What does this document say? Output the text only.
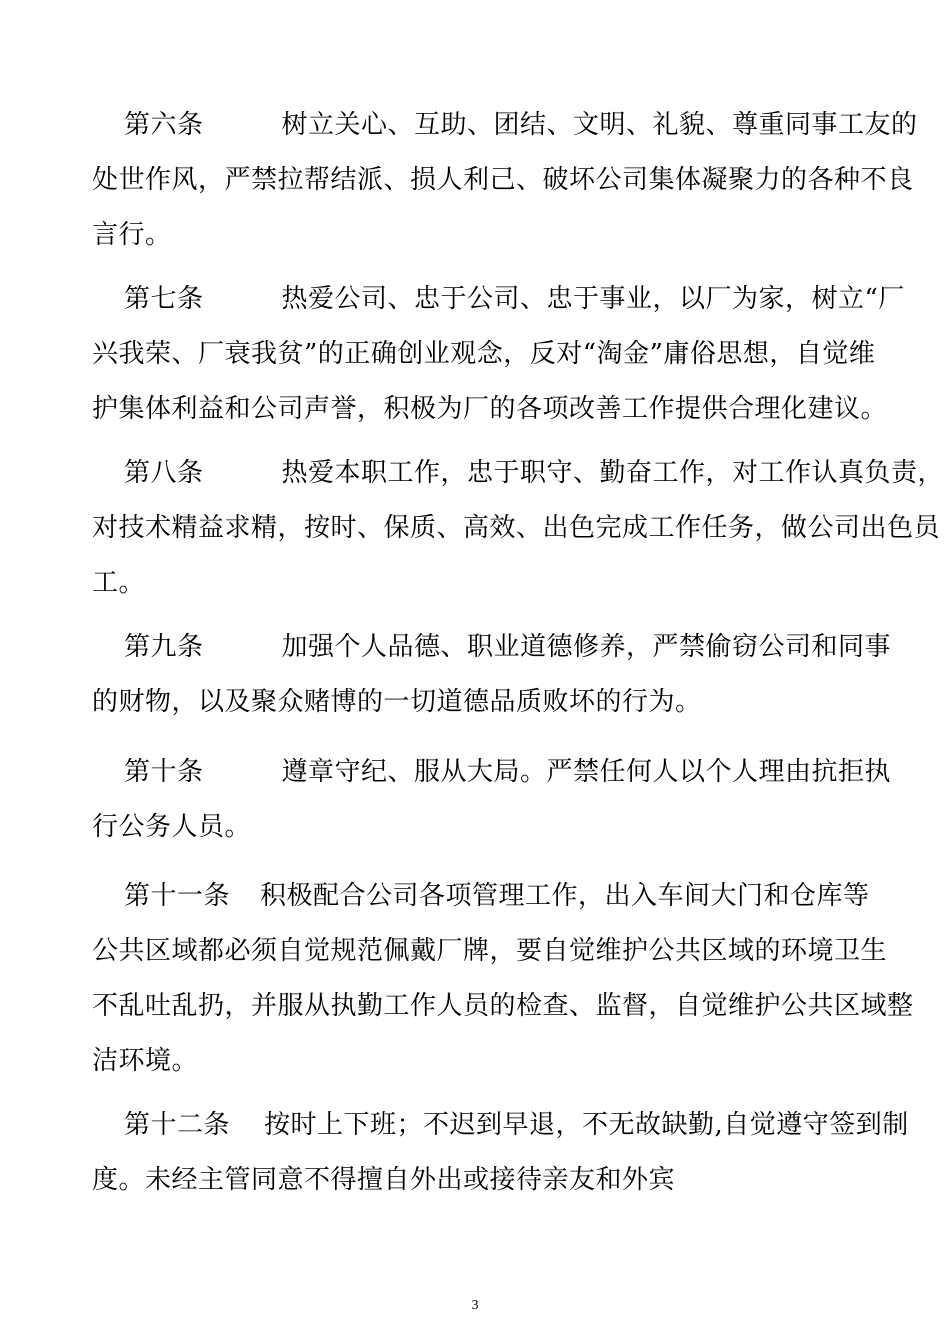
第六条	树立关心、互助、团结、文明、礼貌、尊重同事工友的
处世作风，严禁拉帮结派、损人利己、破坏公司集体凝聚力的各种不良
言行。
第七条	热爱公司、忠于公司、忠于事业，以厂为家，树立“厂
兴我荣、厂衰我贫”的正确创业观念，反对“淘金”庸俗思想，自觉维
护集体利益和公司声誉，积极为厂的各项改善工作提供合理化建议。
第八条	热爱本职工作，忠于职守、勤奋工作，对工作认真负责，
对技术精益求精，按时、保质、高效、出色完成工作任务，做公司出色员
工。
第九条	加强个人品德、职业道德修养，严禁偷窃公司和同事
的财物，以及聚众赌博的一切道德品质败坏的行为。
第十条	遵章守纪、服从大局。严禁任何人以个人理由抗拒执
行公务人员。
第十一条 积极配合公司各项管理工作，出入车间大门和仓库等
公共区域都必须自觉规范佩戴厂牌，要自觉维护公共区域的环境卫生
不乱吐乱扔，并服从执勤工作人员的检查、监督，自觉维护公共区域整
洁环境。
第十二条 按时上下班；不迟到早退，不无故缺勤,自觉遵守签到制
度。未经主管同意不得擅自外出或接待亲友和外宾
3
